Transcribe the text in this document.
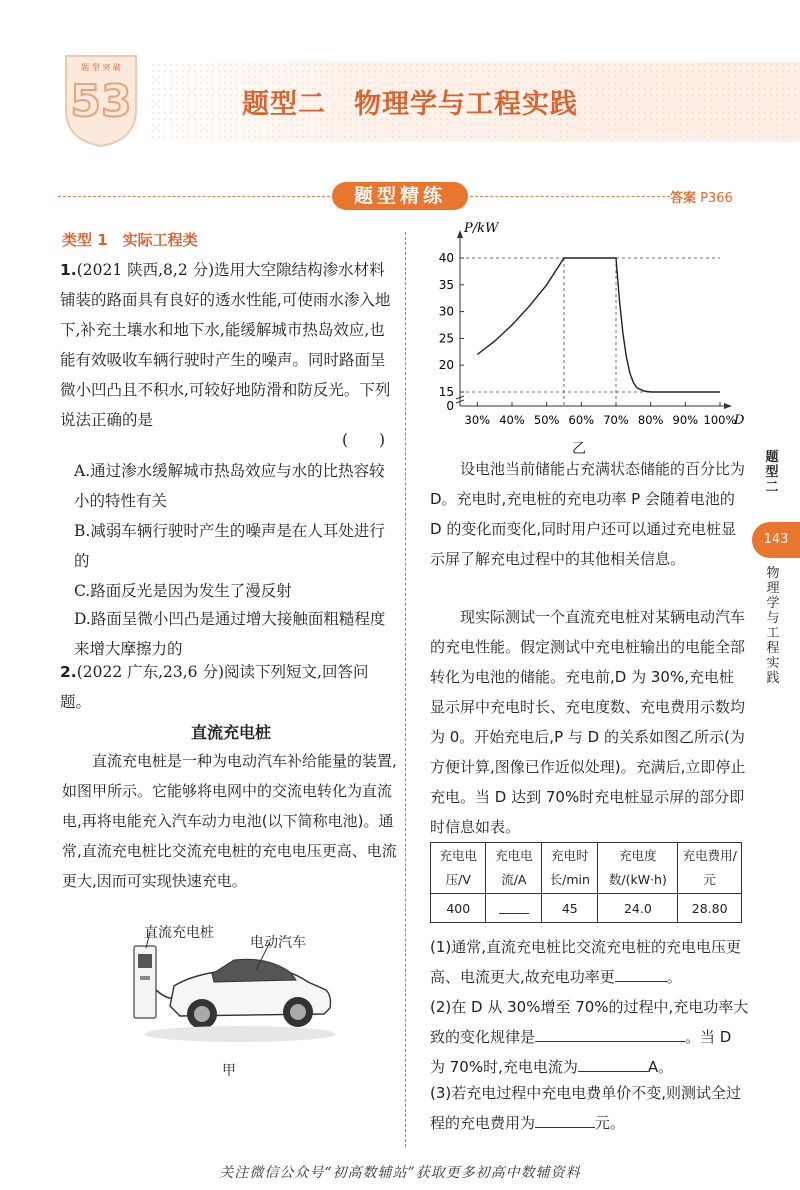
题 型 突 破
53	题型二　物理学与工程实践
题型精练	答案 P366
类型 1　实际工程类
1.(2021 陕西,8,2 分)选用大空隙结构渗水材料铺装的路面具有良好的透水性能,可使雨水渗入地下,补充土壤水和地下水,能缓解城市热岛效应,也能有效吸收车辆行驶时产生的噪声。同时路面呈微小凹凸且不积水,可较好地防滑和防反光。下列说法正确的是
(　　)
A.通过渗水缓解城市热岛效应与水的比热容较小的特性有关
B.减弱车辆行驶时产生的噪声是在人耳处进行的
C.路面反光是因为发生了漫反射
D.路面呈微小凹凸是通过增大接触面粗糙程度来增大摩擦力的
2.(2022 广东,23,6 分)阅读下列短文,回答问题。
直流充电桩
直流充电桩是一种为电动汽车补给能量的装置,如图甲所示。它能够将电网中的交流电转化为直流电,再将电能充入汽车动力电池(以下简称电池)。通常,直流充电桩比交流充电桩的充电电压更高、电流更大,因而可实现快速充电。
直流充电桩
电动汽车
甲
P/kW
D
0
15
20
25
30
35
40
30% 40% 50% 60% 70% 80% 90% 100%
乙
设电池当前储能占充满状态储能的百分比为 D。充电时,充电桩的充电功率 P 会随着电池的 D 的变化而变化,同时用户还可以通过充电桩显示屏了解充电过程中的其他相关信息。
现实际测试一个直流充电桩对某辆电动汽车的充电性能。假定测试中充电桩输出的电能全部转化为电池的储能。充电前,D 为 30%,充电桩显示屏中充电时长、充电度数、充电费用示数均为 0。开始充电后,P 与 D 的关系如图乙所示(为方便计算,图像已作近似处理)。充满后,立即停止充电。当 D 达到 70%时充电桩显示屏的部分即时信息如表。
充电电压/V	充电电流/A	充电时长/min	充电度数/(kW·h)	充电费用/元
400		45	24.0	28.80
(1)通常,直流充电桩比交流充电桩的充电电压更高、电流更大,故充电功率更	。
(2)在 D 从 30%增至 70%的过程中,充电功率大致的变化规律是	。当 D 为 70%时,充电电流为	A。
(3)若充电过程中充电电费单价不变,则测试全过程的充电费用为	元。
题型二
143
物理学与工程实践
关注微信公众号“初高数辅站”获取更多初高中数辅资料
